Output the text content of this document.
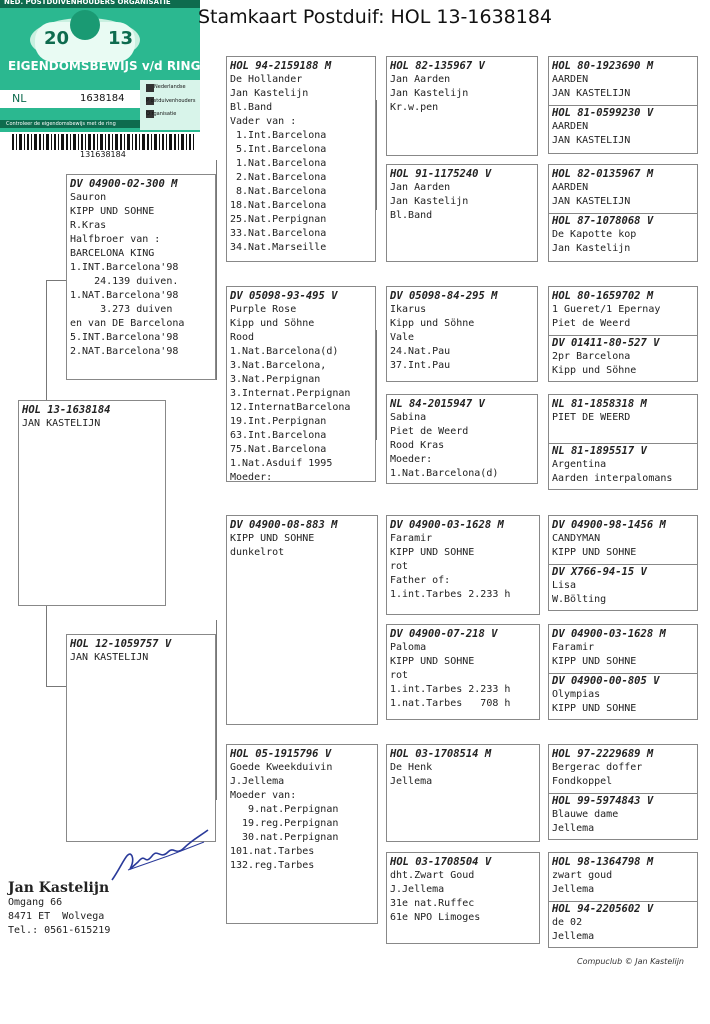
NED. POSTDUIVENHOUDERS ORGANISATIE
20 13
EIGENDOMSBEWIJS v/d RING
NL	1638184
Nederlandse
P ostduivenhouders
O rganisatie
Controleer de eigendomsbewijs met de ring
131638184
Stamkaart Postduif: HOL 13-1638184
HOL 13-1638184
JAN KASTELIJN
DV 04900-02-300 M
Sauron
KIPP UND SOHNE
R.Kras
Halfbroer van :
BARCELONA KING
1.INT.Barcelona'98
24.139 duiven.
1.NAT.Barcelona'98
3.273 duiven
en van DE Barcelona
5.INT.Barcelona'98
2.NAT.Barcelona'98
HOL 12-1059757 V
JAN KASTELIJN
HOL 94-2159188 M
De Hollander
Jan Kastelijn
Bl.Band
Vader van :
1.Int.Barcelona
5.Int.Barcelona
1.Nat.Barcelona
2.Nat.Barcelona
8.Nat.Barcelona
18.Nat.Barcelona
25.Nat.Perpignan
33.Nat.Barcelona
34.Nat.Marseille
DV 05098-93-495 V
Purple Rose
Kipp und Söhne
Rood
1.Nat.Barcelona(d)
3.Nat.Barcelona,
3.Nat.Perpignan
3.Internat.Perpignan
12.InternatBarcelona
19.Int.Perpignan
63.Int.Barcelona
75.Nat.Barcelona
1.Nat.Asduif 1995
Moeder:
DV 04900-08-883 M
KIPP UND SOHNE
dunkelrot
HOL 05-1915796 V
Goede Kweekduivin
J.Jellema
Moeder van:
9.nat.Perpignan
19.reg.Perpignan
30.nat.Perpignan
101.nat.Tarbes
132.reg.Tarbes
HOL 82-135967 V
Jan Aarden
Jan Kastelijn
Kr.w.pen
HOL 91-1175240 V
Jan Aarden
Jan Kastelijn
Bl.Band
DV 05098-84-295 M
Ikarus
Kipp und Söhne
Vale
24.Nat.Pau
37.Int.Pau
NL 84-2015947 V
Sabina
Piet de Weerd
Rood Kras
Moeder:
1.Nat.Barcelona(d)
DV 04900-03-1628 M
Faramir
KIPP UND SOHNE
rot
Father of:
1.int.Tarbes 2.233 h
DV 04900-07-218 V
Paloma
KIPP UND SOHNE
rot
1.int.Tarbes 2.233 h
1.nat.Tarbes   708 h
HOL 03-1708514 M
De Henk
Jellema
HOL 03-1708504 V
dht.Zwart Goud
J.Jellema
31e nat.Ruffec
61e NPO Limoges
HOL 80-1923690 M
AARDEN
JAN KASTELIJN
HOL 81-0599230 V
AARDEN
JAN KASTELIJN
HOL 82-0135967 M
AARDEN
JAN KASTELIJN
HOL 87-1078068 V
De Kapotte kop
Jan Kastelijn
HOL 80-1659702 M
1 Gueret/1 Epernay
Piet de Weerd
DV 01411-80-527 V
2pr Barcelona
Kipp und Söhne
NL 81-1858318 M
PIET DE WEERD
NL 81-1895517 V
Argentina
Aarden interpalomans
DV 04900-98-1456 M
CANDYMAN
KIPP UND SOHNE
DV X766-94-15 V
Lisa
W.Bölting
DV 04900-03-1628 M
Faramir
KIPP UND SOHNE
DV 04900-00-805 V
Olympias
KIPP UND SOHNE
HOL 97-2229689 M
Bergerac doffer
Fondkoppel
HOL 99-5974843 V
Blauwe dame
Jellema
HOL 98-1364798 M
zwart goud
Jellema
HOL 94-2205602 V
de 02
Jellema
Jan Kastelijn
Omgang 66
8471 ET  Wolvega
Tel.: 0561-615219
Compuclub © Jan Kastelijn
